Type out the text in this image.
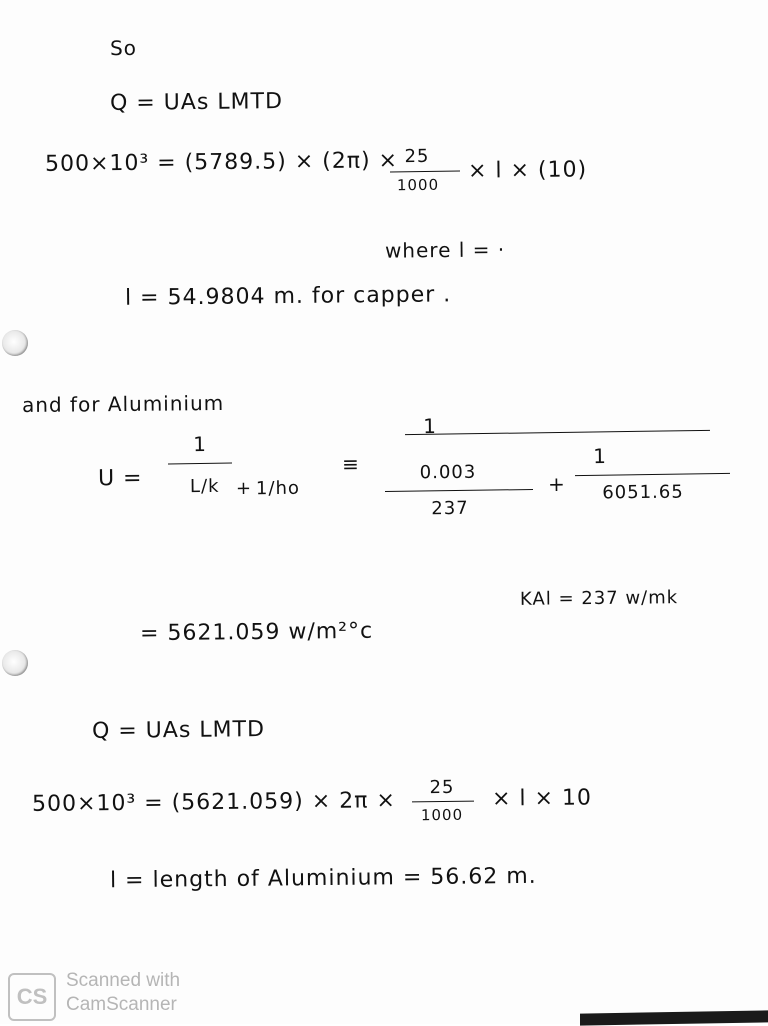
So
Q = UAs LMTD
500×10³ = (5789.5) × (2π) × 25
1000
× l × (10)
where l = ·
l = 54.9804 m. for capper .
and for Aluminium
U =
1
L/k + 1/ho
≡
1
0.003
237
+
1
6051.65
KAl = 237 w/mk
= 5621.059 w/m²°c
Q = UAs LMTD
500×10³ = (5621.059) × 2π ×
25
1000
× l × 10
l = length of Aluminium = 56.62 m.
CS
Scanned with
CamScanner
